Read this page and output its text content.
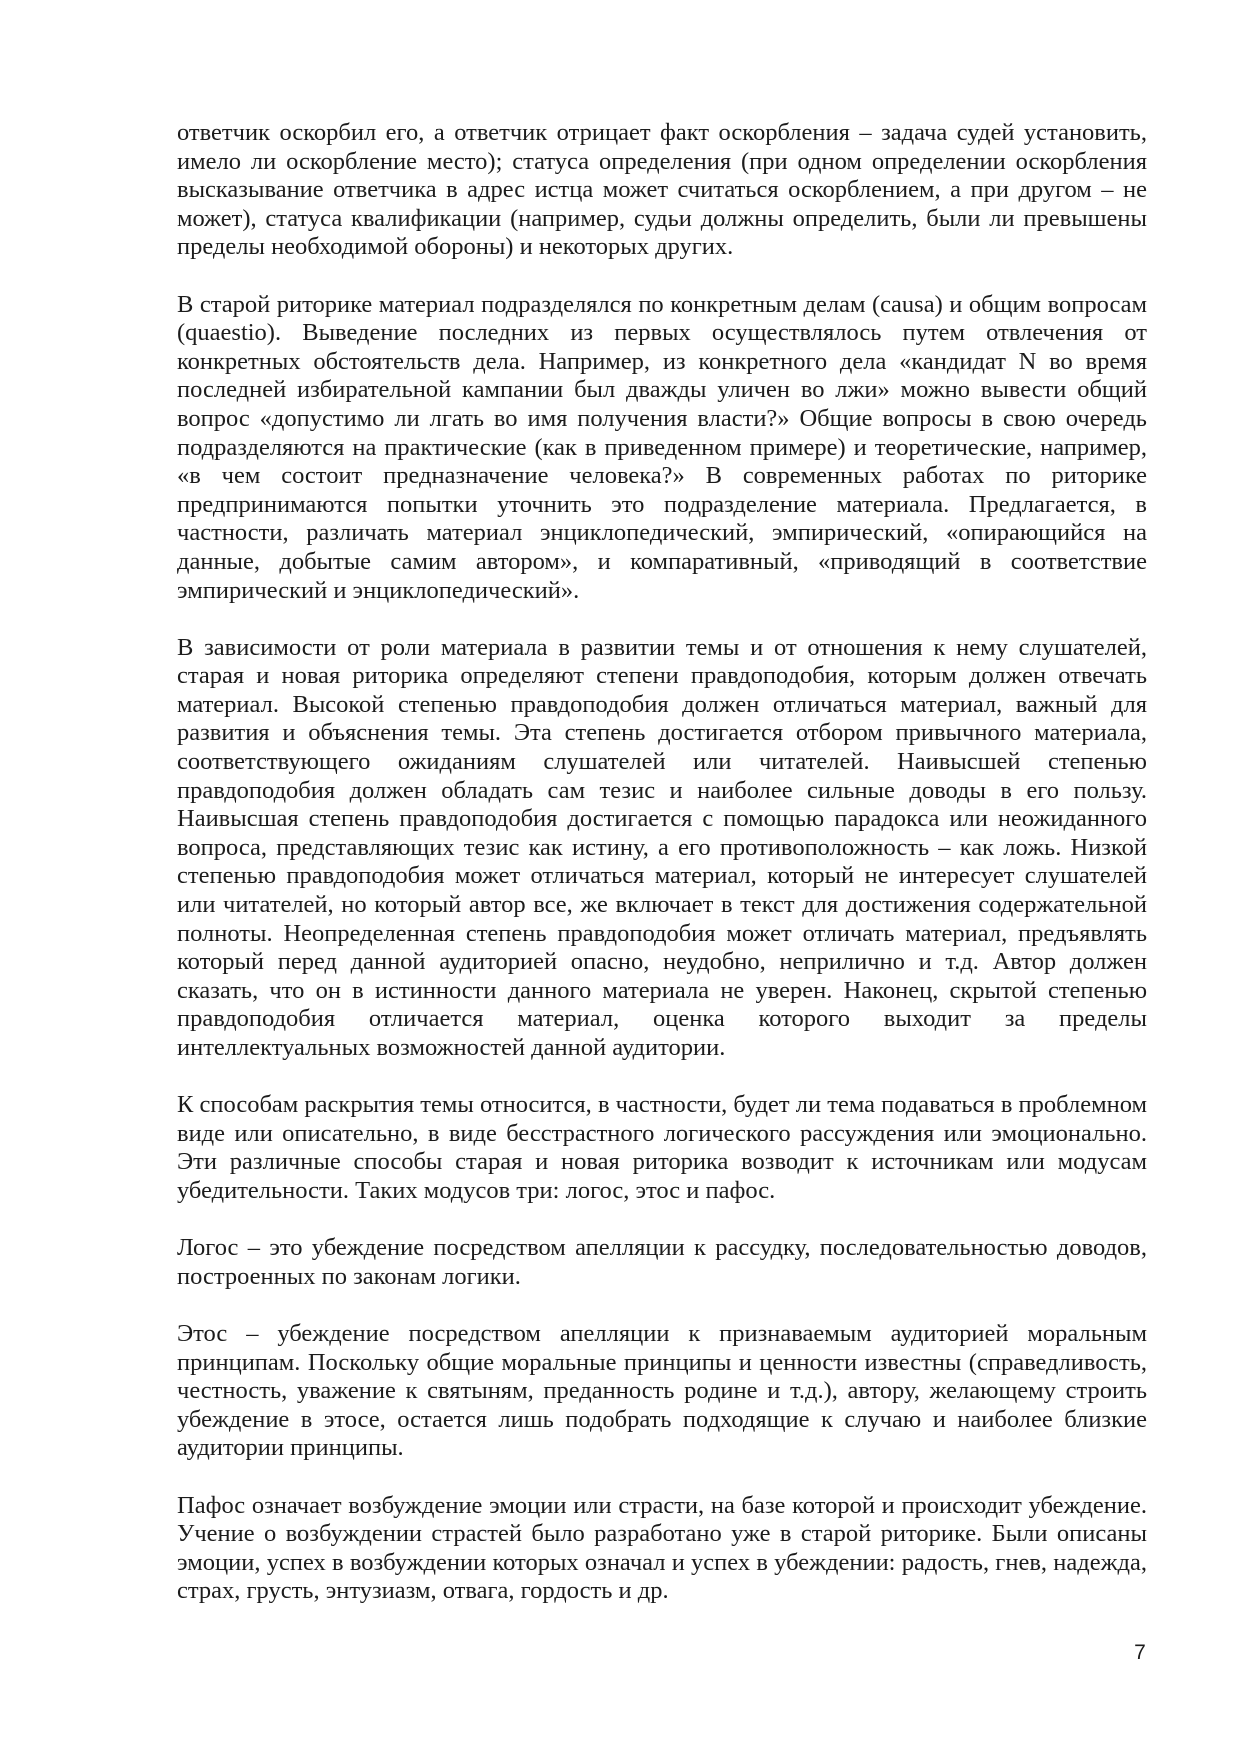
ответчик оскорбил его, а ответчик отрицает факт оскорбления – задача судей установить, имело ли оскорбление место); статуса определения (при одном определении оскорбления высказывание ответчика в адрес истца может считаться оскорблением, а при другом – не может), статуса квалификации (например, судьи должны определить, были ли превышены пределы необходимой обороны) и некоторых других.

В старой риторике материал подразделялся по конкретным делам (causa) и общим вопросам (quaestio). Выведение последних из первых осуществлялось путем отвлечения от конкретных обстоятельств дела. Например, из конкретного дела «кандидат N во время последней избирательной кампании был дважды уличен во лжи» можно вывести общий вопрос «допустимо ли лгать во имя получения власти?» Общие вопросы в свою очередь подразделяются на практические (как в приведенном примере) и теоретические, например, «в чем состоит предназначение человека?» В современных работах по риторике предпринимаются попытки уточнить это подразделение материала. Предлагается, в частности, различать материал энциклопедический, эмпирический, «опирающийся на данные, добытые самим автором», и компаративный, «приводящий в соответствие эмпирический и энциклопедический».

В зависимости от роли материала в развитии темы и от отношения к нему слушателей, старая и новая риторика определяют степени правдоподобия, которым должен отвечать материал. Высокой степенью правдоподобия должен отличаться материал, важный для развития и объяснения темы. Эта степень достигается отбором привычного материала, соответствующего ожиданиям слушателей или читателей. Наивысшей степенью правдоподобия должен обладать сам тезис и наиболее сильные доводы в его пользу. Наивысшая степень правдоподобия достигается с помощью парадокса или неожиданного вопроса, представляющих тезис как истину, а его противоположность – как ложь. Низкой степенью правдоподобия может отличаться материал, который не интересует слушателей или читателей, но который автор все, же включает в текст для достижения содержательной полноты. Неопределенная степень правдоподобия может отличать материал, предъявлять который перед данной аудиторией опасно, неудобно, неприлично и т.д. Автор должен сказать, что он в истинности данного материала не уверен. Наконец, скрытой степенью правдоподобия отличается материал, оценка которого выходит за пределы интеллектуальных возможностей данной аудитории.

К способам раскрытия темы относится, в частности, будет ли тема подаваться в проблемном виде или описательно, в виде бесстрастного логического рассуждения или эмоционально. Эти различные способы старая и новая риторика возводит к источникам или модусам убедительности. Таких модусов три: логос, этос и пафос.

Логос – это убеждение посредством апелляции к рассудку, последовательностью доводов, построенных по законам логики.

Этос – убеждение посредством апелляции к признаваемым аудиторией моральным принципам. Поскольку общие моральные принципы и ценности известны (справедливость, честность, уважение к святыням, преданность родине и т.д.), автору, желающему строить убеждение в этосе, остается лишь подобрать подходящие к случаю и наиболее близкие аудитории принципы.

Пафос означает возбуждение эмоции или страсти, на базе которой и происходит убеждение. Учение о возбуждении страстей было разработано уже в старой риторике. Были описаны эмоции, успех в возбуждении которых означал и успех в убеждении: радость, гнев, надежда, страх, грусть, энтузиазм, отвага, гордость и др.

7
